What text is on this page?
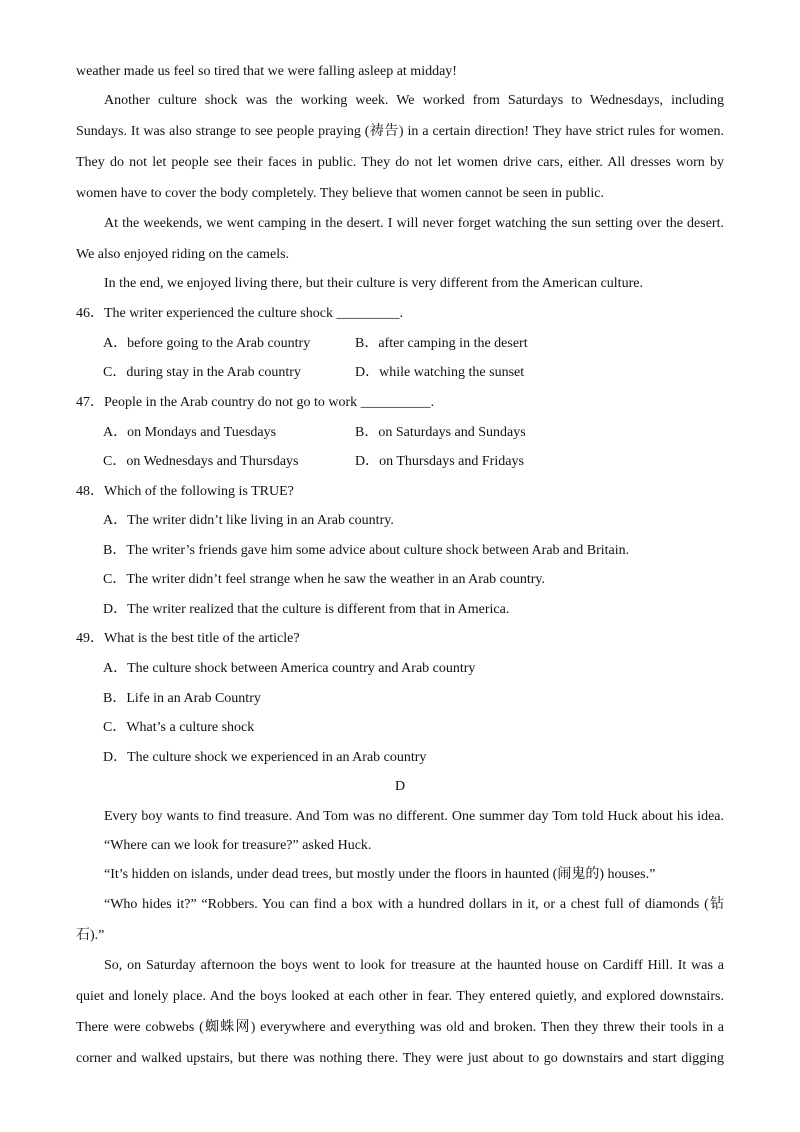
weather made us feel so tired that we were falling asleep at midday!
Another culture shock was the working week. We worked from Saturdays to Wednesdays, including
Sundays. It was also strange to see people praying (祷告) in a certain direction! They have strict rules for women.
They do not let people see their faces in public. They do not let women drive cars, either. All dresses worn by
women have to cover the body completely. They believe that women cannot be seen in public.
At the weekends, we went camping in the desert. I will never forget watching the sun setting over the desert.
We also enjoyed riding on the camels.
In the end, we enjoyed living there, but their culture is very different from the American culture.
46．The writer experienced the culture shock _________.
A．before going to the Arab country	B．after camping in the desert
C．during stay in the Arab country	D．while watching the sunset
47．People in the Arab country do not go to work __________.
A．on Mondays and Tuesdays	B．on Saturdays and Sundays
C．on Wednesdays and Thursdays	D．on Thursdays and Fridays
48．Which of the following is TRUE?
A．The writer didn’t like living in an Arab country.
B．The writer’s friends gave him some advice about culture shock between Arab and Britain.
C．The writer didn’t feel strange when he saw the weather in an Arab country.
D．The writer realized that the culture is different from that in America.
49．What is the best title of the article?
A．The culture shock between America country and Arab country
B．Life in an Arab Country
C．What’s a culture shock
D．The culture shock we experienced in an Arab country
D
Every boy wants to find treasure. And Tom was no different. One summer day Tom told Huck about his idea.
“Where can we look for treasure?” asked Huck.
“It’s hidden on islands, under dead trees, but mostly under the floors in haunted (闹鬼的) houses.”
“Who hides it?” “Robbers. You can find a box with a hundred dollars in it, or a chest full of diamonds (钻
石).”
So, on Saturday afternoon the boys went to look for treasure at the haunted house on Cardiff Hill. It was a
quiet and lonely place. And the boys looked at each other in fear. They entered quietly, and explored downstairs.
There were cobwebs (蜘蛛网) everywhere and everything was old and broken. Then they threw their tools in a
corner and walked upstairs, but there was nothing there. They were just about to go downstairs and start digging
